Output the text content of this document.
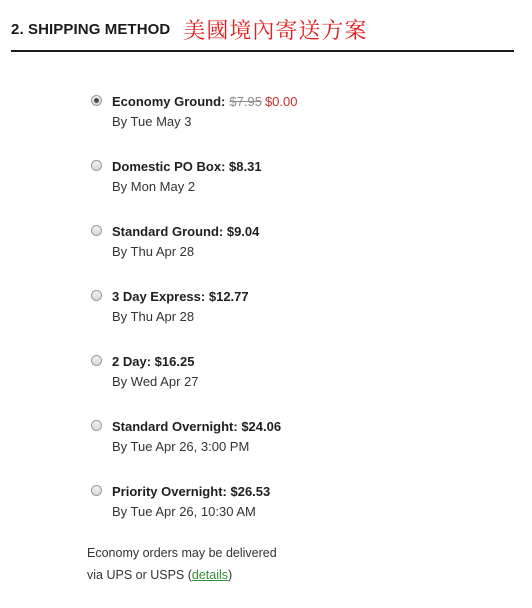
2. SHIPPING METHOD 美國境內寄送方案
Economy Ground: $7.95 $0.00
By Tue May 3
Domestic PO Box: $8.31
By Mon May 2
Standard Ground: $9.04
By Thu Apr 28
3 Day Express: $12.77
By Thu Apr 28
2 Day: $16.25
By Wed Apr 27
Standard Overnight: $24.06
By Tue Apr 26, 3:00 PM
Priority Overnight: $26.53
By Tue Apr 26, 10:30 AM
Economy orders may be delivered
via UPS or USPS (details)
